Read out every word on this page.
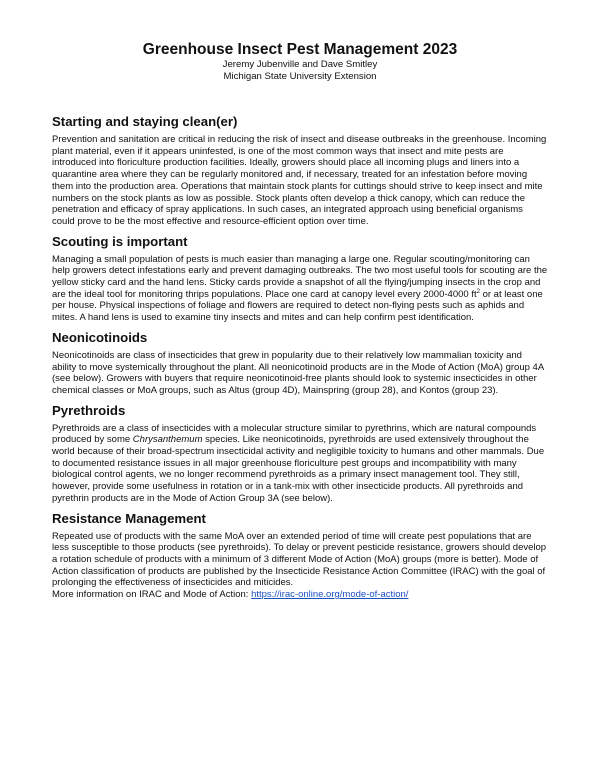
Greenhouse Insect Pest Management 2023
Jeremy Jubenville and Dave Smitley
Michigan State University Extension
Starting and staying clean(er)

Prevention and sanitation are critical in reducing the risk of insect and disease outbreaks in the greenhouse. Incoming plant material, even if it appears uninfested, is one of the most common ways that insect and mite pests are introduced into floriculture production facilities. Ideally, growers should place all incoming plugs and liners into a quarantine area where they can be regularly monitored and, if necessary, treated for an infestation before moving them into the production area. Operations that maintain stock plants for cuttings should strive to keep insect and mite numbers on the stock plants as low as possible. Stock plants often develop a thick canopy, which can reduce the penetration and efficacy of spray applications. In such cases, an integrated approach using beneficial organisms could prove to be the most effective and resource-efficient option over time.

Scouting is important

Managing a small population of pests is much easier than managing a large one. Regular scouting/monitoring can help growers detect infestations early and prevent damaging outbreaks. The two most useful tools for scouting are the yellow sticky card and the hand lens. Sticky cards provide a snapshot of all the flying/jumping insects in the crop and are the ideal tool for monitoring thrips populations. Place one card at canopy level every 2000-4000 $ft^2$ or at least one per house. Physical inspections of foliage and flowers are required to detect non-flying pests such as aphids and mites. A hand lens is used to examine tiny insects and mites and can help confirm pest identification.

Neonicotinoids

Neonicotinoids are class of insecticides that grew in popularity due to their relatively low mammalian toxicity and ability to move systemically throughout the plant. All neonicotinoid products are in the Mode of Action (MoA) group 4A (see below). Growers with buyers that require neonicotinoid-free plants should look to systemic insecticides in other chemical classes or MoA groups, such as Altus (group 4D), Mainspring (group 28), and Kontos (group 23).

Pyrethroids

Pyrethroids are a class of insecticides with a molecular structure similar to pyrethrins, which are natural compounds produced by some Chrysanthemum species. Like neonicotinoids, pyrethroids are used extensively throughout the world because of their broad-spectrum insecticidal activity and negligible toxicity to humans and other mammals. Due to documented resistance issues in all major greenhouse floriculture pest groups and incompatibility with many biological control agents, we no longer recommend pyrethroids as a primary insect management tool. They still, however, provide some usefulness in rotation or in a tank-mix with other insecticide products. All pyrethroids and pyrethrin products are in the Mode of Action Group 3A (see below).

Resistance Management

Repeated use of products with the same MoA over an extended period of time will create pest populations that are less susceptible to those products (see pyrethroids). To delay or prevent pesticide resistance, growers should develop a rotation schedule of products with a minimum of 3 different Mode of Action (MoA) groups (more is better). Mode of Action classification of products are published by the Insecticide Resistance Action Committee (IRAC) with the goal of prolonging the effectiveness of insecticides and miticides.

More information on IRAC and Mode of Action: https://irac-online.org/mode-of-action/
